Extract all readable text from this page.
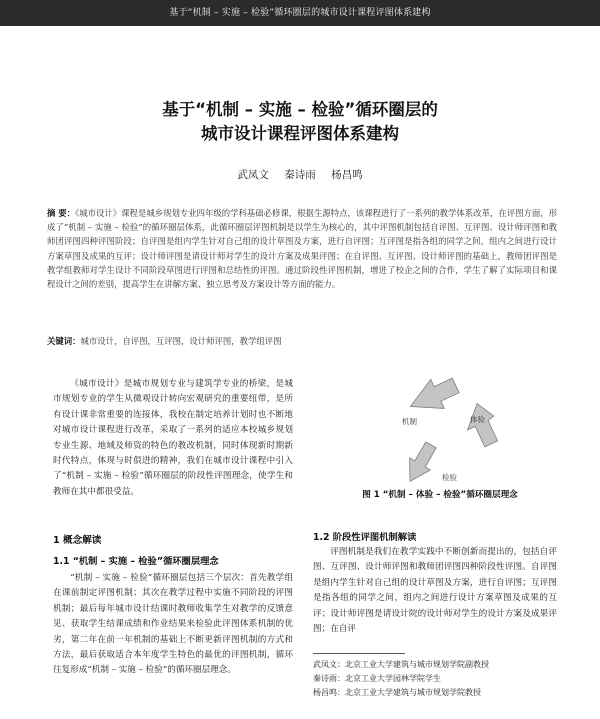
基于“机制 – 实施 – 检验”循环圈层的城市设计课程评图体系建构
基于“机制 – 实施 – 检验”循环圈层的
城市设计课程评图体系建构
武凤文 秦诗雨 杨昌鸣
摘 要：《城市设计》课程是城乡规划专业四年级的学科基础必修课，根据生源特点，该课程进行了一系列的教学体系改革，在评图方面，形成了“机制 – 实施 – 检验”的循环圈层体系，此循环圈层评图机制是以学生为核心的，其中评图机制包括自评图、互评图、设计师评图和教师团评图四种评图阶段；自评图是组内学生针对自己组的设计草图及方案，进行自评图；互评图是指各组的同学之间，组内之间进行设计方案草图及成果的互评；设计师评图是请设计师对学生的设计方案及成果评图；在自评图、互评图、设计师评图的基础上，教师团评图是教学组教师对学生设计不同阶段草图进行评图和总结性的评图。通过阶段性评图机制，增进了校企之间的合作，学生了解了实际项目和课程设计之间的差别，提高学生在讲解方案、独立思考及方案设计等方面的能力。
关键词：城市设计，自评图，互评图，设计师评图，教学组评图

《城市设计》是城市规划专业与建筑学专业的桥梁，是城市规划专业的学生从微观设计转向宏观研究的重要纽带，是所有设计课非常重要的连接体，我校在制定培养计划时也不断地对城市设计课程进行改革，采取了一系列的适应本校城乡规划专业生源、地域及师资的特色的教改机制，同时体现新时期新时代特点，体现与时俱进的精神，我们在城市设计课程中引入了“机制 – 实施 – 检验”循环圈层的阶段性评图理念，使学生和教师在其中都很受益。

1 概念解读
1.1 “机制 – 实施 – 检验”循环圈层理念

“机制 – 实施 – 检验”循环圈层包括三个层次：首先教学组在课前制定评图机制；其次在教学过程中实施不同阶段的评图机制；最后每年城市设计结课时教师收集学生对教学的反馈意见、获取学生结课成绩和作业结果来检验此评图体系机制的优劣，第二年在前一年机制的基础上不断更新评图机制的方式和方法，最后获取适合本年度学生特色的最优的评图机制，循环往复形成“机制 – 实施 – 检验”的循环圈层理念。

机制	体验
检验
图 1 “机制 – 体验 – 检验”循环圈层理念
1.2 阶段性评图机制解读

评图机制是我们在教学实践中不断创新而提出的，包括自评图、互评图、设计师评图和教师团评图四种阶段性评图。自评图是组内学生针对自己组的设计草图及方案，进行自评图；互评图是指各组的同学之间，组内之间进行设计方案草图及成果的互评；设计师评图是请设计院的设计师对学生的设计方案及成果评图；在自评

武凤文：北京工业大学建筑与城市规划学院副教授
秦诗雨：北京工业大学园林学院学生
杨昌鸣：北京工业大学建筑与城市规划学院教授
